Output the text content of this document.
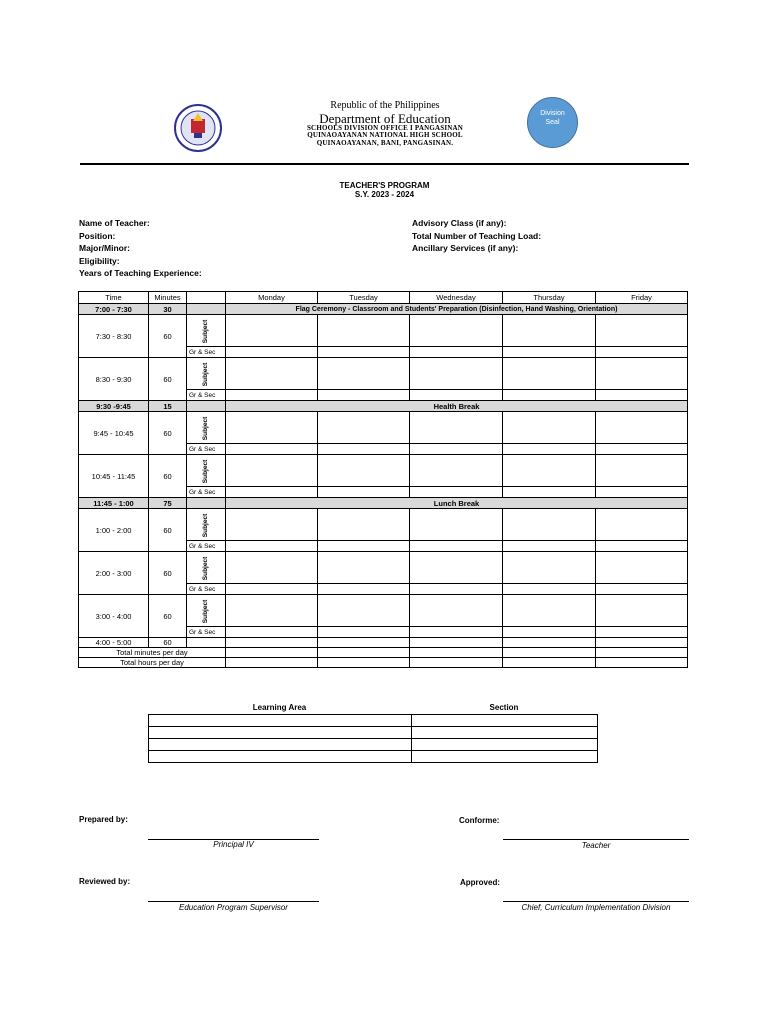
Republic of the Philippines
Department of Education
SCHOOLS DIVISION OFFICE I PANGASINAN
QUINAOAYANAN NATIONAL HIGH SCHOOL
QUINAOAYANAN, BANI, PANGASINAN.
Division Seal
TEACHER'S PROGRAM
S.Y. 2023 - 2024
Name of Teacher:
Position:
Major/Minor:
Eligibility:
Years of Teaching Experience:
Advisory Class (if any):
Total Number of Teaching Load:
Ancillary Services (if any):
Time	Minutes		Monday	Tuesday	Wednesday	Thursday	Friday
7:00 - 7:30	30		Flag Ceremony - Classroom and Students' Preparation (Disinfection, Hand Washing, Orientation)				
7:30 - 8:30	60	Subject					
		Gr & Sec					
8:30 - 9:30	60	Subject					
		Gr & Sec					
9:30 -9:45	15		Health Break				
9:45 - 10:45	60	Subject					
		Gr & Sec					
10:45 - 11:45	60	Subject					
		Gr & Sec					
11:45 - 1:00	75		Lunch Break				
1:00 - 2:00	60	Subject					
		Gr & Sec					
2:00 - 3:00	60	Subject					
		Gr & Sec					
3:00 - 4:00	60	Subject					
		Gr & Sec					
4:00 - 5:00	60						
Total minutes per day							
Total hours per day							
Learning Area	Section

Prepared by:
Principal IV
Conforme:
Teacher
Reviewed by:
Education Program Supervisor
Approved:
Chief, Curriculum Implementation Division
